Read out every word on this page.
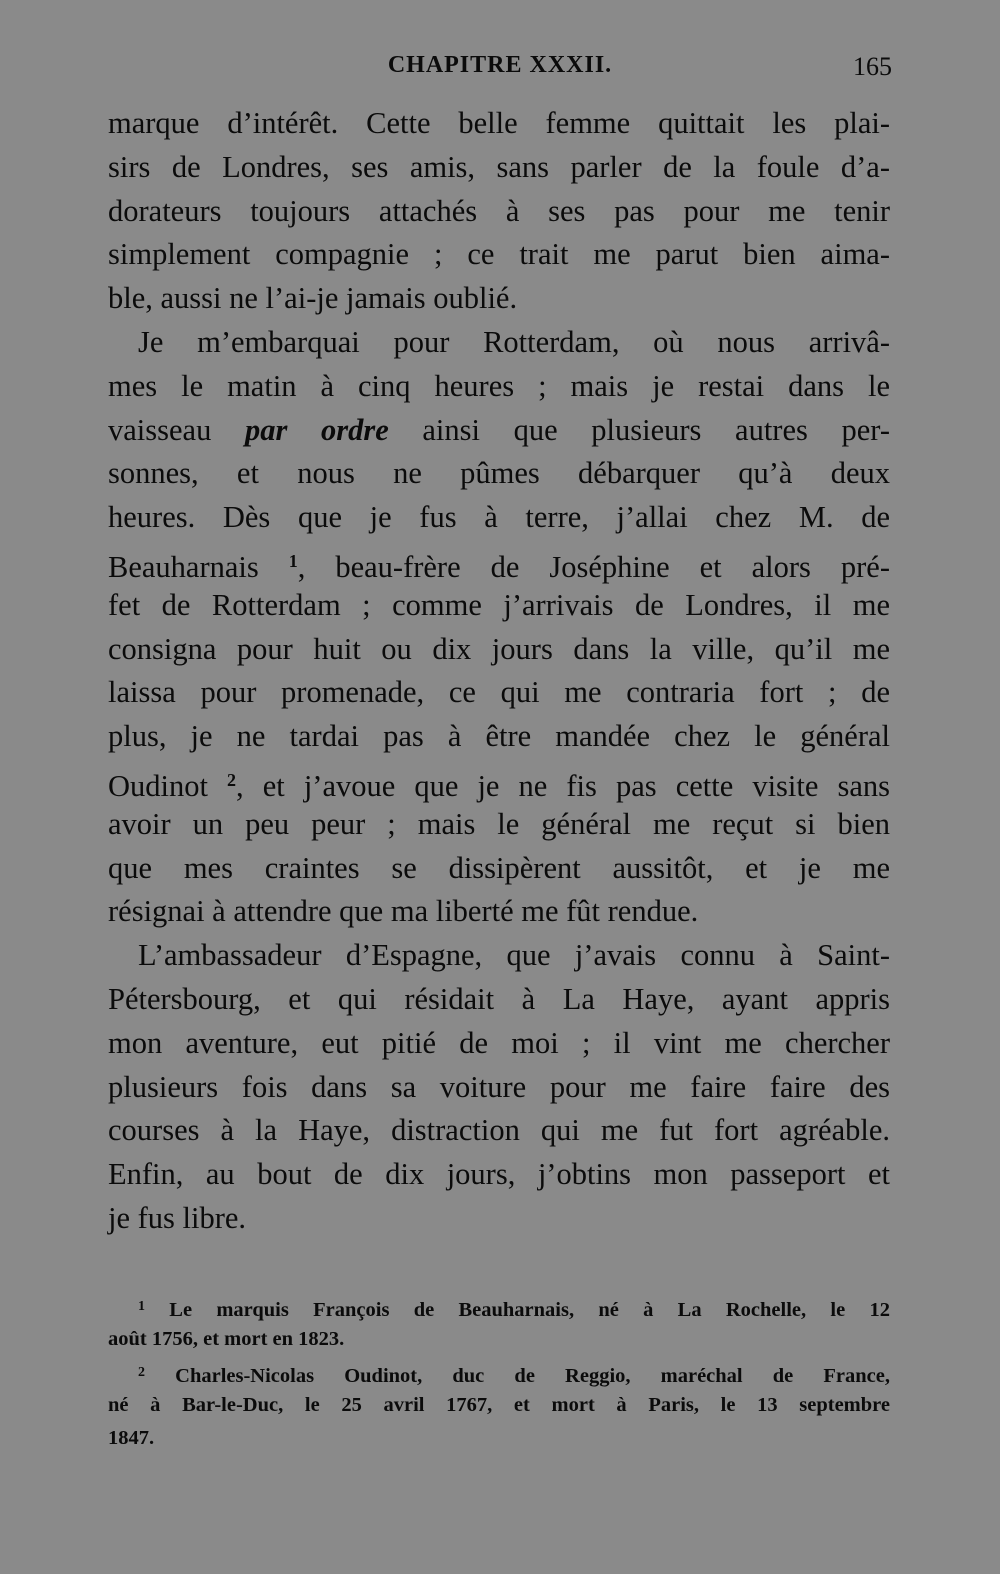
CHAPITRE XXXII.	165
marque d’intérêt. Cette belle femme quittait les plai-
sirs de Londres, ses amis, sans parler de la foule d’a-
dorateurs toujours attachés à ses pas pour me tenir
simplement compagnie ; ce trait me parut bien aima-
ble, aussi ne l’ai-je jamais oublié.
Je m’embarquai pour Rotterdam, où nous arrivâ-
mes le matin à cinq heures ; mais je restai dans le
vaisseau par ordre ainsi que plusieurs autres per-
sonnes, et nous ne pûmes débarquer qu’à deux
heures. Dès que je fus à terre, j’allai chez M. de
Beauharnais $^1$, beau-frère de Joséphine et alors pré-
fet de Rotterdam ; comme j’arrivais de Londres, il me
consigna pour huit ou dix jours dans la ville, qu’il me
laissa pour promenade, ce qui me contraria fort ; de
plus, je ne tardai pas à être mandée chez le général
Oudinot $^2$, et j’avoue que je ne fis pas cette visite sans
avoir un peu peur ; mais le général me reçut si bien
que mes craintes se dissipèrent aussitôt, et je me
résignai à attendre que ma liberté me fût rendue.
L’ambassadeur d’Espagne, que j’avais connu à Saint-
Pétersbourg, et qui résidait à La Haye, ayant appris
mon aventure, eut pitié de moi ; il vint me chercher
plusieurs fois dans sa voiture pour me faire faire des
courses à la Haye, distraction qui me fut fort agréable.
Enfin, au bout de dix jours, j’obtins mon passeport et
je fus libre.
$^1$ Le marquis François de Beauharnais, né à La Rochelle, le 12
août 1756, et mort en 1823.
$^2$ Charles-Nicolas Oudinot, duc de Reggio, maréchal de France,
né à Bar-le-Duc, le 25 avril 1767, et mort à Paris, le 13 septembre
1847.
